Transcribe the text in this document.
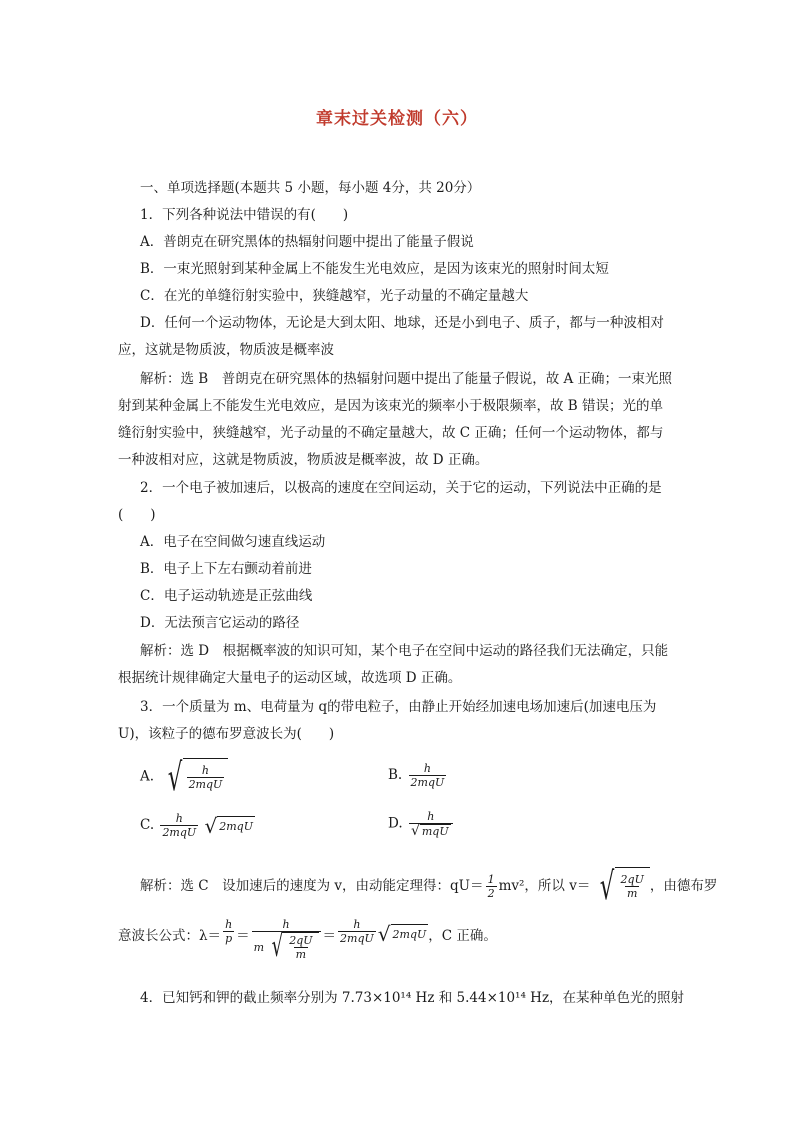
章末过关检测（六）
一、单项选择题(本题共 5 小题，每小题 4分，共 20分）
1．下列各种说法中错误的有(　　)
A．普朗克在研究黑体的热辐射问题中提出了能量子假说
B．一束光照射到某种金属上不能发生光电效应，是因为该束光的照射时间太短
C．在光的单缝衍射实验中，狭缝越窄，光子动量的不确定量越大
D．任何一个运动物体，无论是大到太阳、地球，还是小到电子、质子，都与一种波相对
应，这就是物质波，物质波是概率波
解析：选 B　普朗克在研究黑体的热辐射问题中提出了能量子假说，故 A 正确；一束光照
射到某种金属上不能发生光电效应，是因为该束光的频率小于极限频率，故 B 错误；光的单
缝衍射实验中，狭缝越窄，光子动量的不确定量越大，故 C 正确；任何一个运动物体，都与
一种波相对应，这就是物质波，物质波是概率波，故 D 正确。
2．一个电子被加速后，以极高的速度在空间运动，关于它的运动，下列说法中正确的是
(　　)
A．电子在空间做匀速直线运动
B．电子上下左右颤动着前进
C．电子运动轨迹是正弦曲线
D．无法预言它运动的路径
解析：选 D　根据概率波的知识可知，某个电子在空间中运动的路径我们无法确定，只能
根据统计规律确定大量电子的运动区域，故选项 D 正确。
3．一个质量为 m、电荷量为 q的带电粒子，由静止开始经加速电场加速后(加速电压为
U)，该粒子的德布罗意波长为(　　)
A. √ $\frac{h}{\text{2mqU}}$	B. $\frac{h}{\text{2mqU}}$
C. $\frac{h}{\text{2mqU}}$
√ 2mqU	D. $\frac{h}{\text{√ mqU}}$
解析：选 C　设加速后的速度为 v，由动能定理得：$qU= \frac{1}{2} mv^2$，所以 v＝ √ $\frac{2qU}{m}$ ，由德布罗
意波长公式：$\lambda= \frac{h}{p}$ ＝
h
m √ $\frac{2qU}{m} = \frac{h}{\text{2mqU}}$ √ 2mqU ，C 正确。
4．已知钙和钾的截止频率分别为 7.73×10¹⁴ Hz 和 5.44×10¹⁴ Hz，在某种单色光的照射
